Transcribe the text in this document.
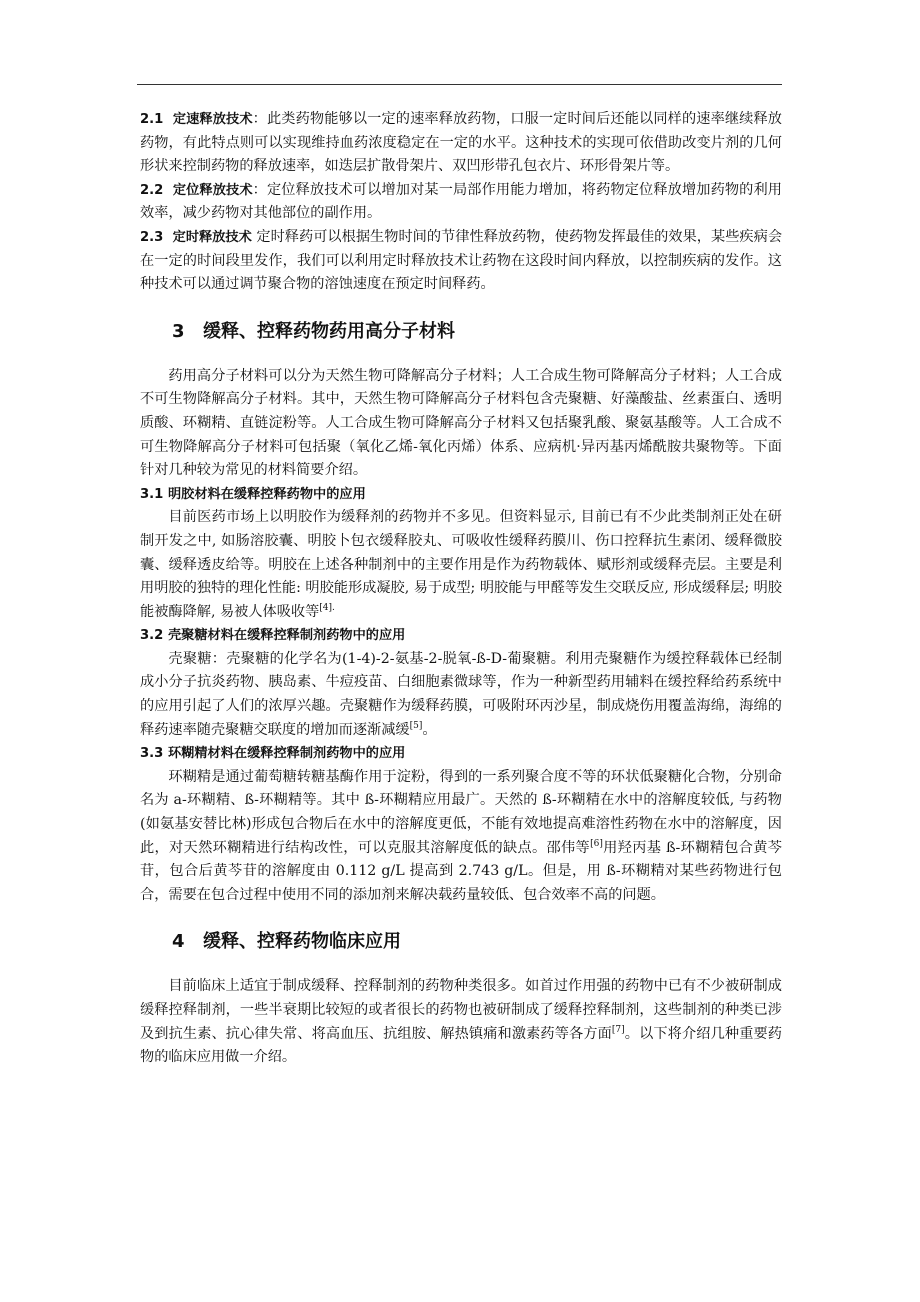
2.1 定速释放技术：此类药物能够以一定的速率释放药物，口服一定时间后还能以同样的速率继续释放药物，有此特点则可以实现维持血药浓度稳定在一定的水平。这种技术的实现可依借助改变片剂的几何形状来控制药物的释放速率，如迭层扩散骨架片、双凹形带孔包衣片、环形骨架片等。

2.2 定位释放技术：定位释放技术可以增加对某一局部作用能力增加，将药物定位释放增加药物的利用效率，减少药物对其他部位的副作用。

2.3 定时释放技术 定时释药可以根据生物时间的节律性释放药物，使药物发挥最佳的效果，某些疾病会在一定的时间段里发作，我们可以利用定时释放技术让药物在这段时间内释放，以控制疾病的发作。这种技术可以通过调节聚合物的溶蚀速度在预定时间释药。

3 缓释、控释药物药用高分子材料

药用高分子材料可以分为天然生物可降解高分子材料；人工合成生物可降解高分子材料；人工合成不可生物降解高分子材料。其中，天然生物可降解高分子材料包含壳聚糖、好藻酸盐、丝素蛋白、透明质酸、环糊精、直链淀粉等。人工合成生物可降解高分子材料又包括聚乳酸、聚氨基酸等。人工合成不可生物降解高分子材料可包括聚（氧化乙烯-氧化丙烯）体系、应病机·异丙基丙烯酰胺共聚物等。下面针对几种较为常见的材料简要介绍。

3.1 明胶材料在缓释控释药物中的应用

目前医药市场上以明胶作为缓释剂的药物并不多见。但资料显示, 目前已有不少此类制剂正处在研制开发之中, 如肠溶胶囊、明胶卜包衣缓释胶丸、可吸收性缓释药膜川、伤口控释抗生素闭、缓释微胶囊、缓释透皮给等。明胶在上述各种制剂中的主要作用是作为药物载体、赋形剂或缓释壳层。主要是利用明胶的独特的理化性能: 明胶能形成凝胶, 易于成型; 明胶能与甲醛等发生交联反应, 形成缓释层; 明胶能被酶降解, 易被人体吸收等$^{[4].}$

3.2 壳聚糖材料在缓释控释制剂药物中的应用

壳聚糖：壳聚糖的化学名为(1-4)-2-氨基-2-脱氧-ß-D-葡聚糖。利用壳聚糖作为缓控释载体已经制成小分子抗炎药物、胰岛素、牛痘疫苗、白细胞素微球等，作为一种新型药用辅料在缓控释给药系统中的应用引起了人们的浓厚兴趣。壳聚糖作为缓释药膜，可吸附环丙沙星，制成烧伤用覆盖海绵，海绵的释药速率随壳聚糖交联度的增加而逐渐减缓[5]。

3.3 环糊精材料在缓释控释制剂药物中的应用

环糊精是通过葡萄糖转糖基酶作用于淀粉，得到的一系列聚合度不等的环状低聚糖化合物，分别命名为 a-环糊精、ß-环糊精等。其中 ß-环糊精应用最广。天然的 ß-环糊精在水中的溶解度较低, 与药物(如氨基安替比林)形成包合物后在水中的溶解度更低，不能有效地提高难溶性药物在水中的溶解度，因此，对天然环糊精进行结构改性，可以克服其溶解度低的缺点。邵伟等[6]用羟丙基 ß-环糊精包合黄芩苷，包合后黄芩苷的溶解度由 0.112 g/L 提高到 2.743 g/L。但是，用 ß-环糊精对某些药物进行包合，需要在包合过程中使用不同的添加剂来解决载药量较低、包合效率不高的问题。

4 缓释、控释药物临床应用

目前临床上适宜于制成缓释、控释制剂的药物种类很多。如首过作用强的药物中已有不少被研制成缓释控释制剂，一些半衰期比较短的或者很长的药物也被研制成了缓释控释制剂，这些制剂的种类已涉及到抗生素、抗心律失常、将高血压、抗组胺、解热镇痛和激素药等各方面[7]。以下将介绍几种重要药物的临床应用做一介绍。
